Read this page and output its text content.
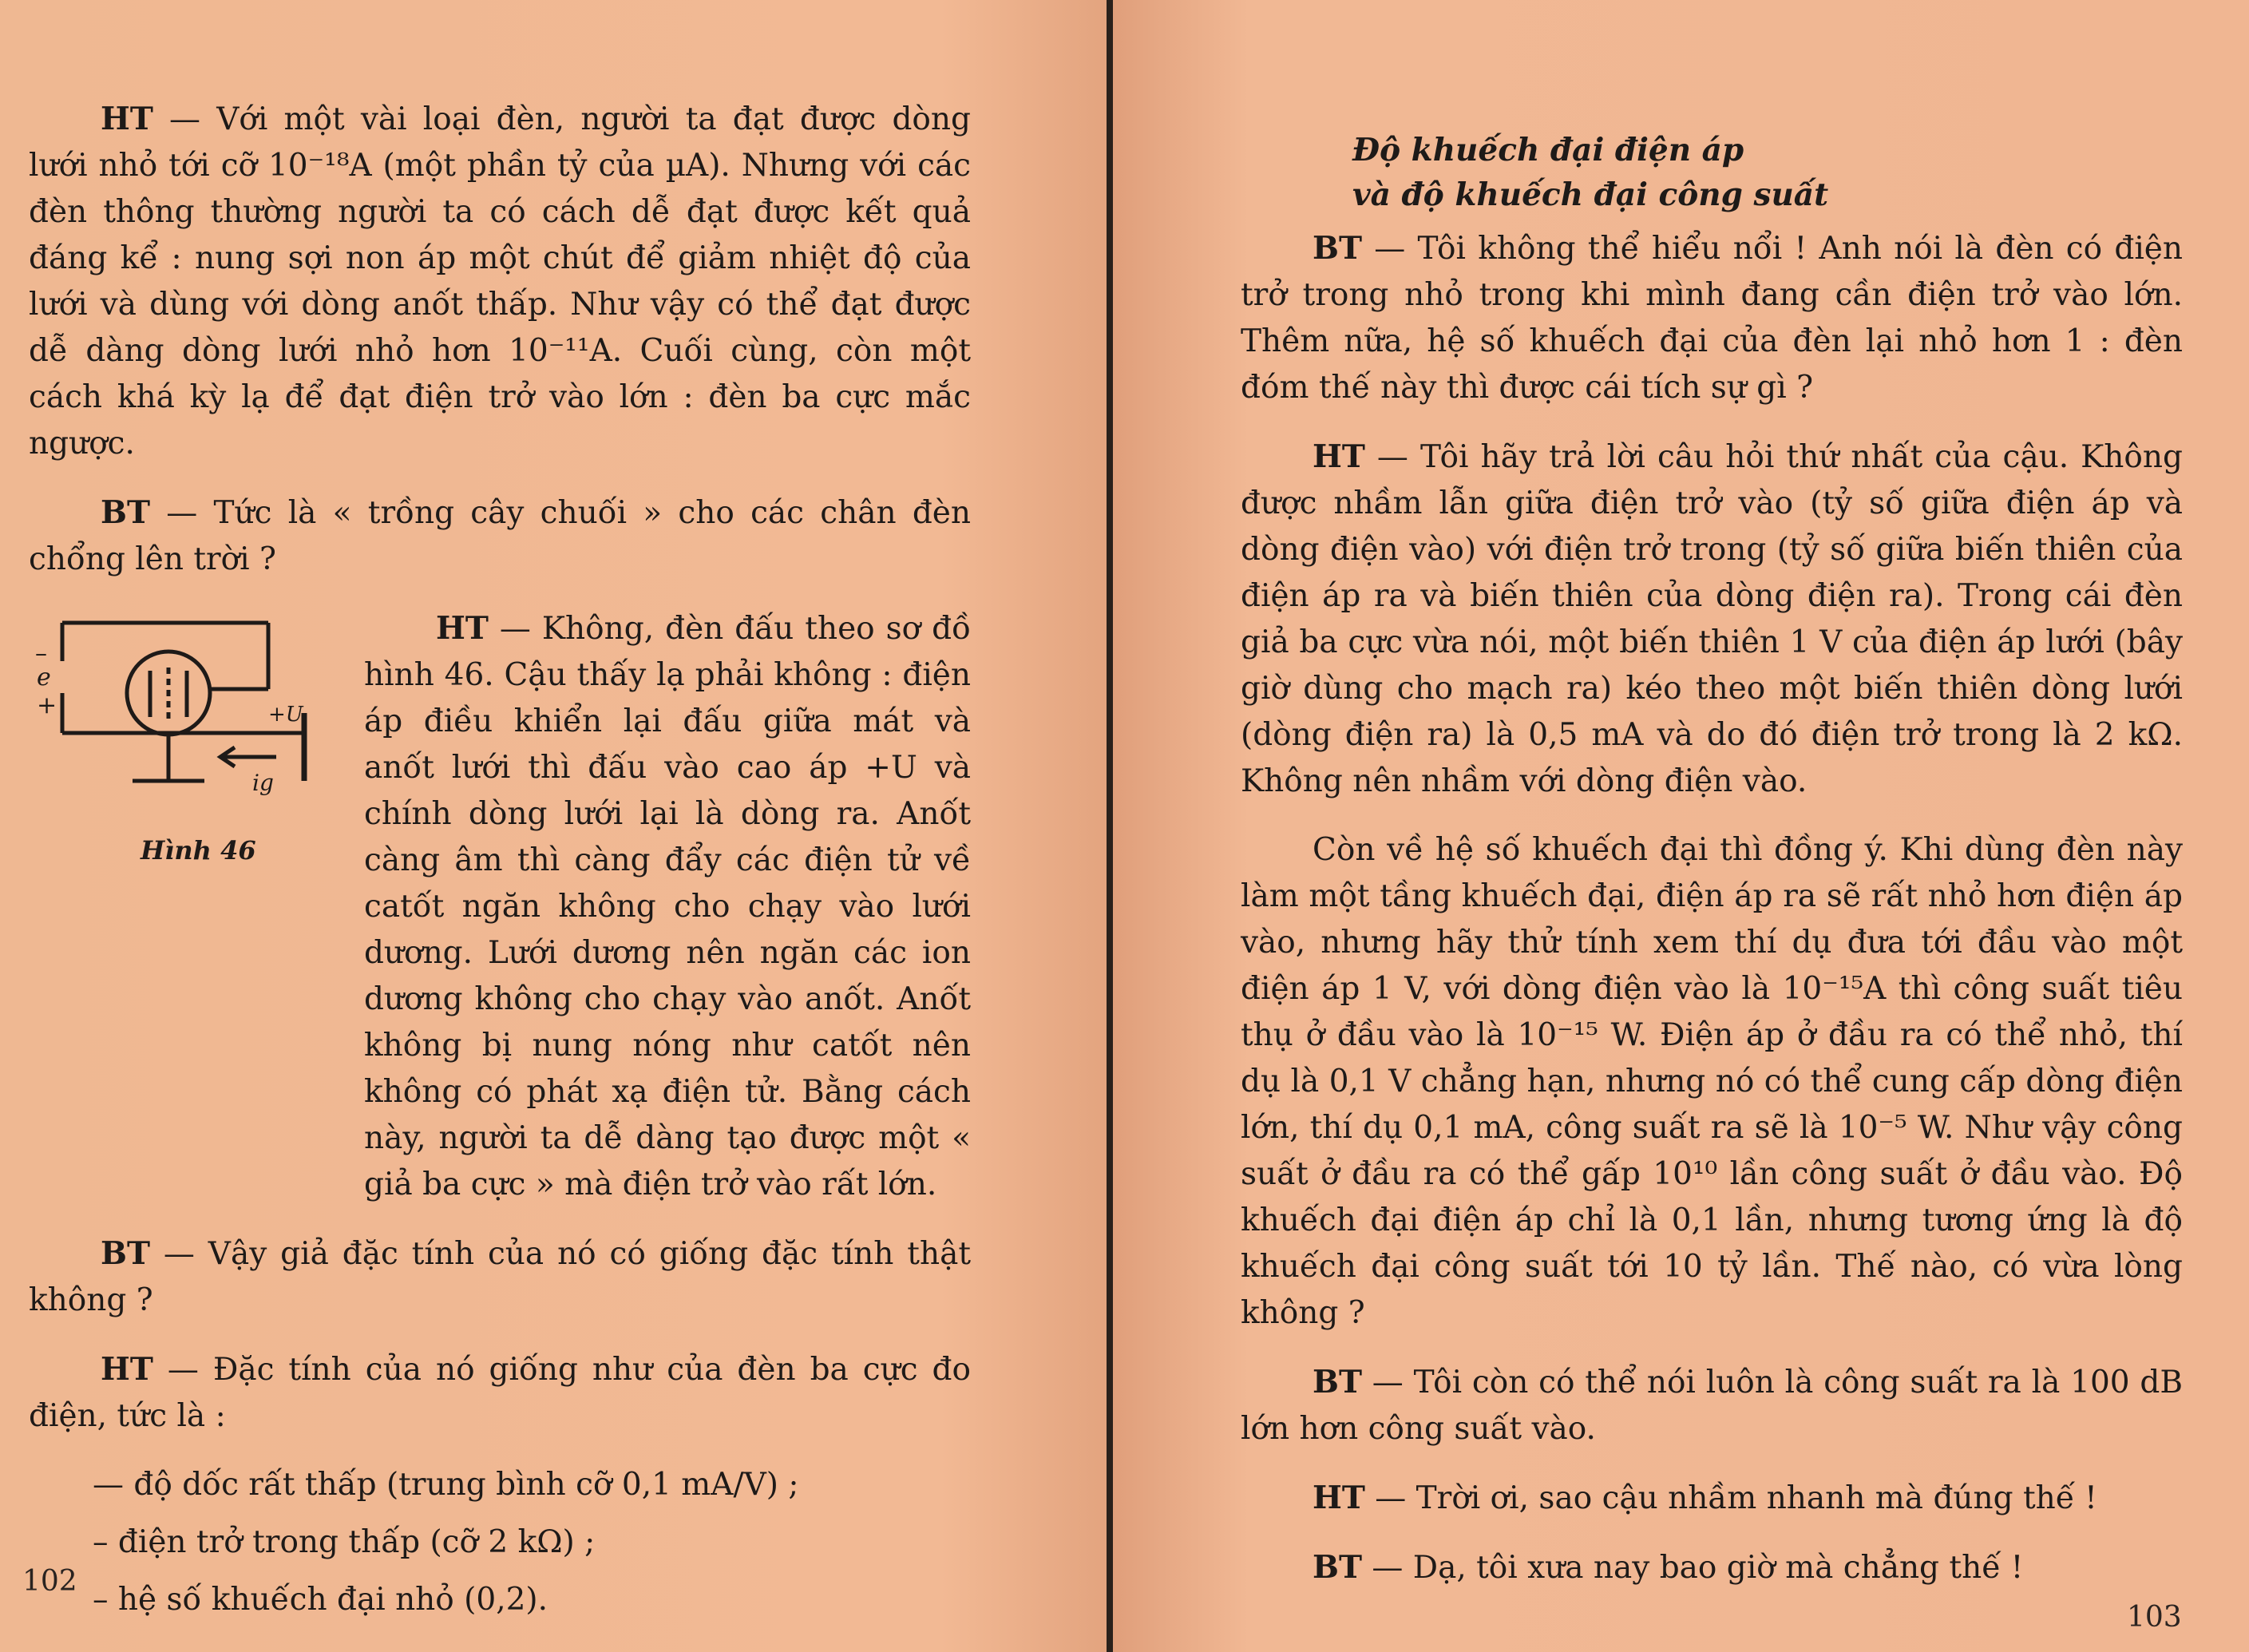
HT — Với một vài loại đèn, người ta đạt được dòng lưới nhỏ tới cỡ 10⁻¹⁸A (một phần tỷ của µA). Nhưng với các đèn thông thường người ta có cách dễ đạt được kết quả đáng kể : nung sợi non áp một chút để giảm nhiệt độ của lưới và dùng với dòng anốt thấp. Như vậy có thể đạt được dễ dàng dòng lưới nhỏ hơn 10⁻¹¹A. Cuối cùng, còn một cách khá kỳ lạ để đạt điện trở vào lớn : đèn ba cực mắc ngược.

BT — Tức là « trồng cây chuối » cho các chân đèn chổng lên trời ?

–
e
+	+U
ig
Hình 46
HT — Không, đèn đấu theo sơ đồ hình 46. Cậu thấy lạ phải không : điện áp điều khiển lại đấu giữa mát và anốt lưới thì đấu vào cao áp +U và chính dòng lưới lại là dòng ra. Anốt càng âm thì càng đẩy các điện tử về catốt ngăn không cho chạy vào lưới dương. Lưới dương nên ngăn các ion dương không cho chạy vào anốt. Anốt không bị nung nóng như catốt nên không có phát xạ điện tử. Bằng cách này, người ta dễ dàng tạo được một « giả ba cực » mà điện trở vào rất lớn.

BT — Vậy giả đặc tính của nó có giống đặc tính thật không ?

HT — Đặc tính của nó giống như của đèn ba cực đo điện, tức là :

— độ dốc rất thấp (trung bình cỡ 0,1 mA/V) ;
– điện trở trong thấp (cỡ 2 kΩ) ;
– hệ số khuếch đại nhỏ (0,2).
102
Độ khuếch đại điện áp
và độ khuếch đại công suất

BT — Tôi không thể hiểu nổi ! Anh nói là đèn có điện trở trong nhỏ trong khi mình đang cần điện trở vào lớn. Thêm nữa, hệ số khuếch đại của đèn lại nhỏ hơn 1 : đèn đóm thế này thì được cái tích sự gì ?

HT — Tôi hãy trả lời câu hỏi thứ nhất của cậu. Không được nhầm lẫn giữa điện trở vào (tỷ số giữa điện áp và dòng điện vào) với điện trở trong (tỷ số giữa biến thiên của điện áp ra và biến thiên của dòng điện ra). Trong cái đèn giả ba cực vừa nói, một biến thiên 1 V của điện áp lưới (bây giờ dùng cho mạch ra) kéo theo một biến thiên dòng lưới (dòng điện ra) là 0,5 mA và do đó điện trở trong là 2 kΩ. Không nên nhầm với dòng điện vào.

Còn về hệ số khuếch đại thì đồng ý. Khi dùng đèn này làm một tầng khuếch đại, điện áp ra sẽ rất nhỏ hơn điện áp vào, nhưng hãy thử tính xem thí dụ đưa tới đầu vào một điện áp 1 V, với dòng điện vào là 10⁻¹⁵A thì công suất tiêu thụ ở đầu vào là 10⁻¹⁵ W. Điện áp ở đầu ra có thể nhỏ, thí dụ là 0,1 V chẳng hạn, nhưng nó có thể cung cấp dòng điện lớn, thí dụ 0,1 mA, công suất ra sẽ là 10⁻⁵ W. Như vậy công suất ở đầu ra có thể gấp 10¹⁰ lần công suất ở đầu vào. Độ khuếch đại điện áp chỉ là 0,1 lần, nhưng tương ứng là độ khuếch đại công suất tới 10 tỷ lần. Thế nào, có vừa lòng không ?

BT — Tôi còn có thể nói luôn là công suất ra là 100 dB lớn hơn công suất vào.

HT — Trời ơi, sao cậu nhầm nhanh mà đúng thế !

BT — Dạ, tôi xưa nay bao giờ mà chẳng thế !

103
